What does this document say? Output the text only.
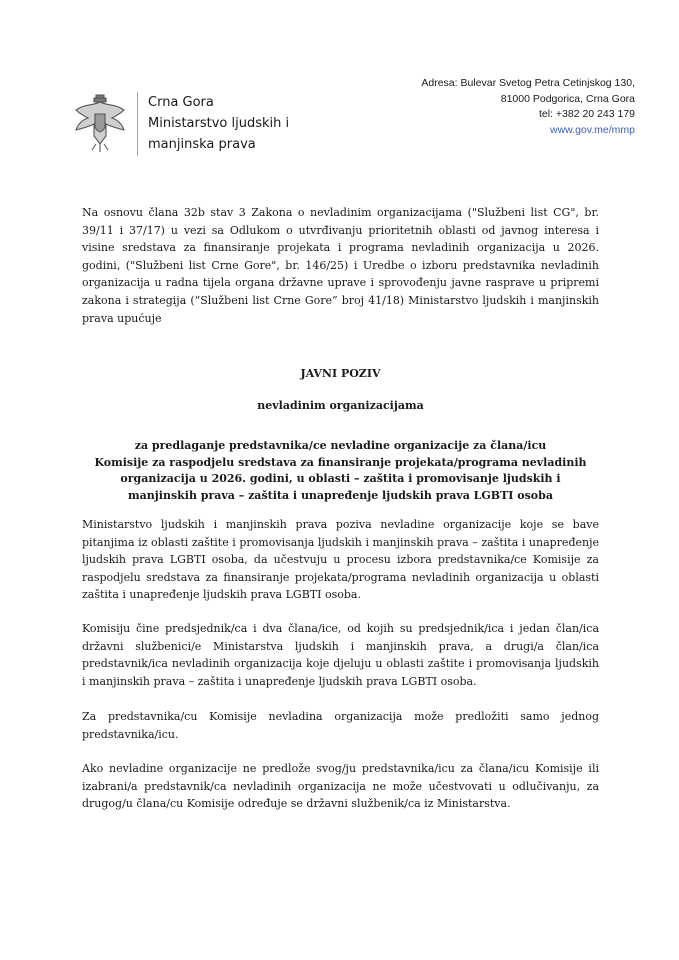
Crna Gora
Ministarstvo ljudskih i
manjinska prava
Adresa: Bulevar Svetog Petra Cetinjskog 130,
81000 Podgorica, Crna Gora
tel: +382 20 243 179
www.gov.me/mmp

Na osnovu člana 32b stav 3 Zakona o nevladinim organizacijama ("Službeni list CG", br. 39/11 i 37/17) u vezi sa Odlukom o utvrđivanju prioritetnih oblasti od javnog interesa i visine sredstava za finansiranje projekata i programa nevladinih organizacija u 2026. godini, ("Službeni list Crne Gore", br. 146/25) i Uredbe o izboru predstavnika nevladinih organizacija u radna tijela organa državne uprave i sprovođenju javne rasprave u pripremi zakona i strategija (“Službeni list Crne Gore” broj 41/18) Ministarstvo ljudskih i manjinskih prava upućuje

JAVNI POZIV

nevladinim organizacijama

za predlaganje predstavnika/ce nevladine organizacije za člana/icu

Komisije za raspodjelu sredstava za finansiranje projekata/programa nevladinih

organizacija u 2026. godini, u oblasti – zaštita i promovisanje ljudskih i

manjinskih prava – zaštita i unapređenje ljudskih prava LGBTI osoba

Ministarstvo ljudskih i manjinskih prava poziva nevladine organizacije koje se bave pitanjima iz oblasti zaštite i promovisanja ljudskih i manjinskih prava – zaštita i unapređenje ljudskih prava LGBTI osoba, da učestvuju u procesu izbora predstavnika/ce Komisije za raspodjelu sredstava za finansiranje projekata/programa nevladinih organizacija u oblasti zaštita i unapređenje ljudskih prava LGBTI osoba.

Komisiju čine predsjednik/ca i dva člana/ice, od kojih su predsjednik/ica i jedan član/ica državni službenici/e Ministarstva ljudskih i manjinskih prava, a drugi/a član/ica predstavnik/ica nevladinih organizacija koje djeluju u oblasti zaštite i promovisanja ljudskih i manjinskih prava – zaštita i unapređenje ljudskih prava LGBTI osoba.

Za predstavnika/cu Komisije nevladina organizacija može predložiti samo jednog predstavnika/icu.

Ako nevladine organizacije ne predlože svog/ju predstavnika/icu za člana/icu Komisije ili izabrani/a predstavnik/ca nevladinih organizacija ne može učestvovati u odlučivanju, za drugog/u člana/cu Komisije određuje se državni službenik/ca iz Ministarstva.
